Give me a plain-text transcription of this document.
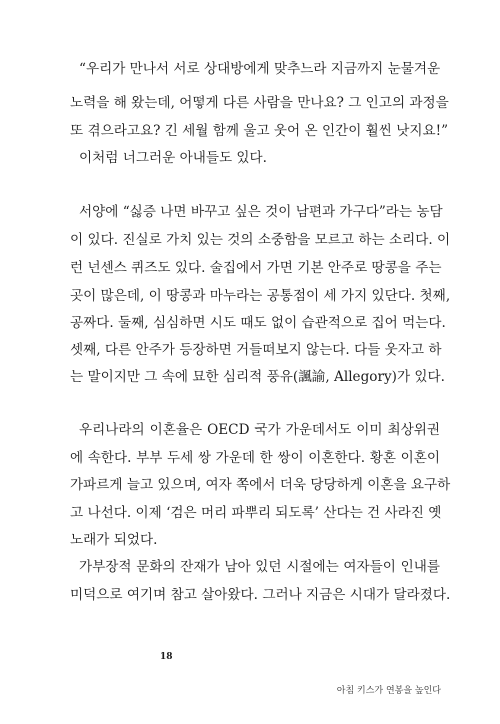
“우리가 만나서 서로 상대방에게 맞추느라 지금까지 눈물겨운
노력을 해 왔는데, 어떻게 다른 사람을 만나요? 그 인고의 과정을
또 겪으라고요? 긴 세월 함께 울고 웃어 온 인간이 훨씬 낫지요!”
이처럼 너그러운 아내들도 있다.
서양에 “싫증 나면 바꾸고 싶은 것이 남편과 가구다”라는 농담
이 있다. 진실로 가치 있는 것의 소중함을 모르고 하는 소리다. 이
런 넌센스 퀴즈도 있다. 술집에서 가면 기본 안주로 땅콩을 주는
곳이 많은데, 이 땅콩과 마누라는 공통점이 세 가지 있단다. 첫째,
공짜다. 둘째, 심심하면 시도 때도 없이 습관적으로 집어 먹는다.
셋째, 다른 안주가 등장하면 거들떠보지 않는다. 다들 웃자고 하
는 말이지만 그 속에 묘한 심리적 풍유(諷諭, Allegory)가 있다.
우리나라의 이혼율은 OECD 국가 가운데서도 이미 최상위권
에 속한다. 부부 두세 쌍 가운데 한 쌍이 이혼한다. 황혼 이혼이
가파르게 늘고 있으며, 여자 쪽에서 더욱 당당하게 이혼을 요구하
고 나선다. 이제 ‘검은 머리 파뿌리 되도록’ 산다는 건 사라진 옛
노래가 되었다.
가부장적 문화의 잔재가 남아 있던 시절에는 여자들이 인내를
미덕으로 여기며 참고 살아왔다. 그러나 지금은 시대가 달라졌다.
18
아침 키스가 연봉을 높인다
